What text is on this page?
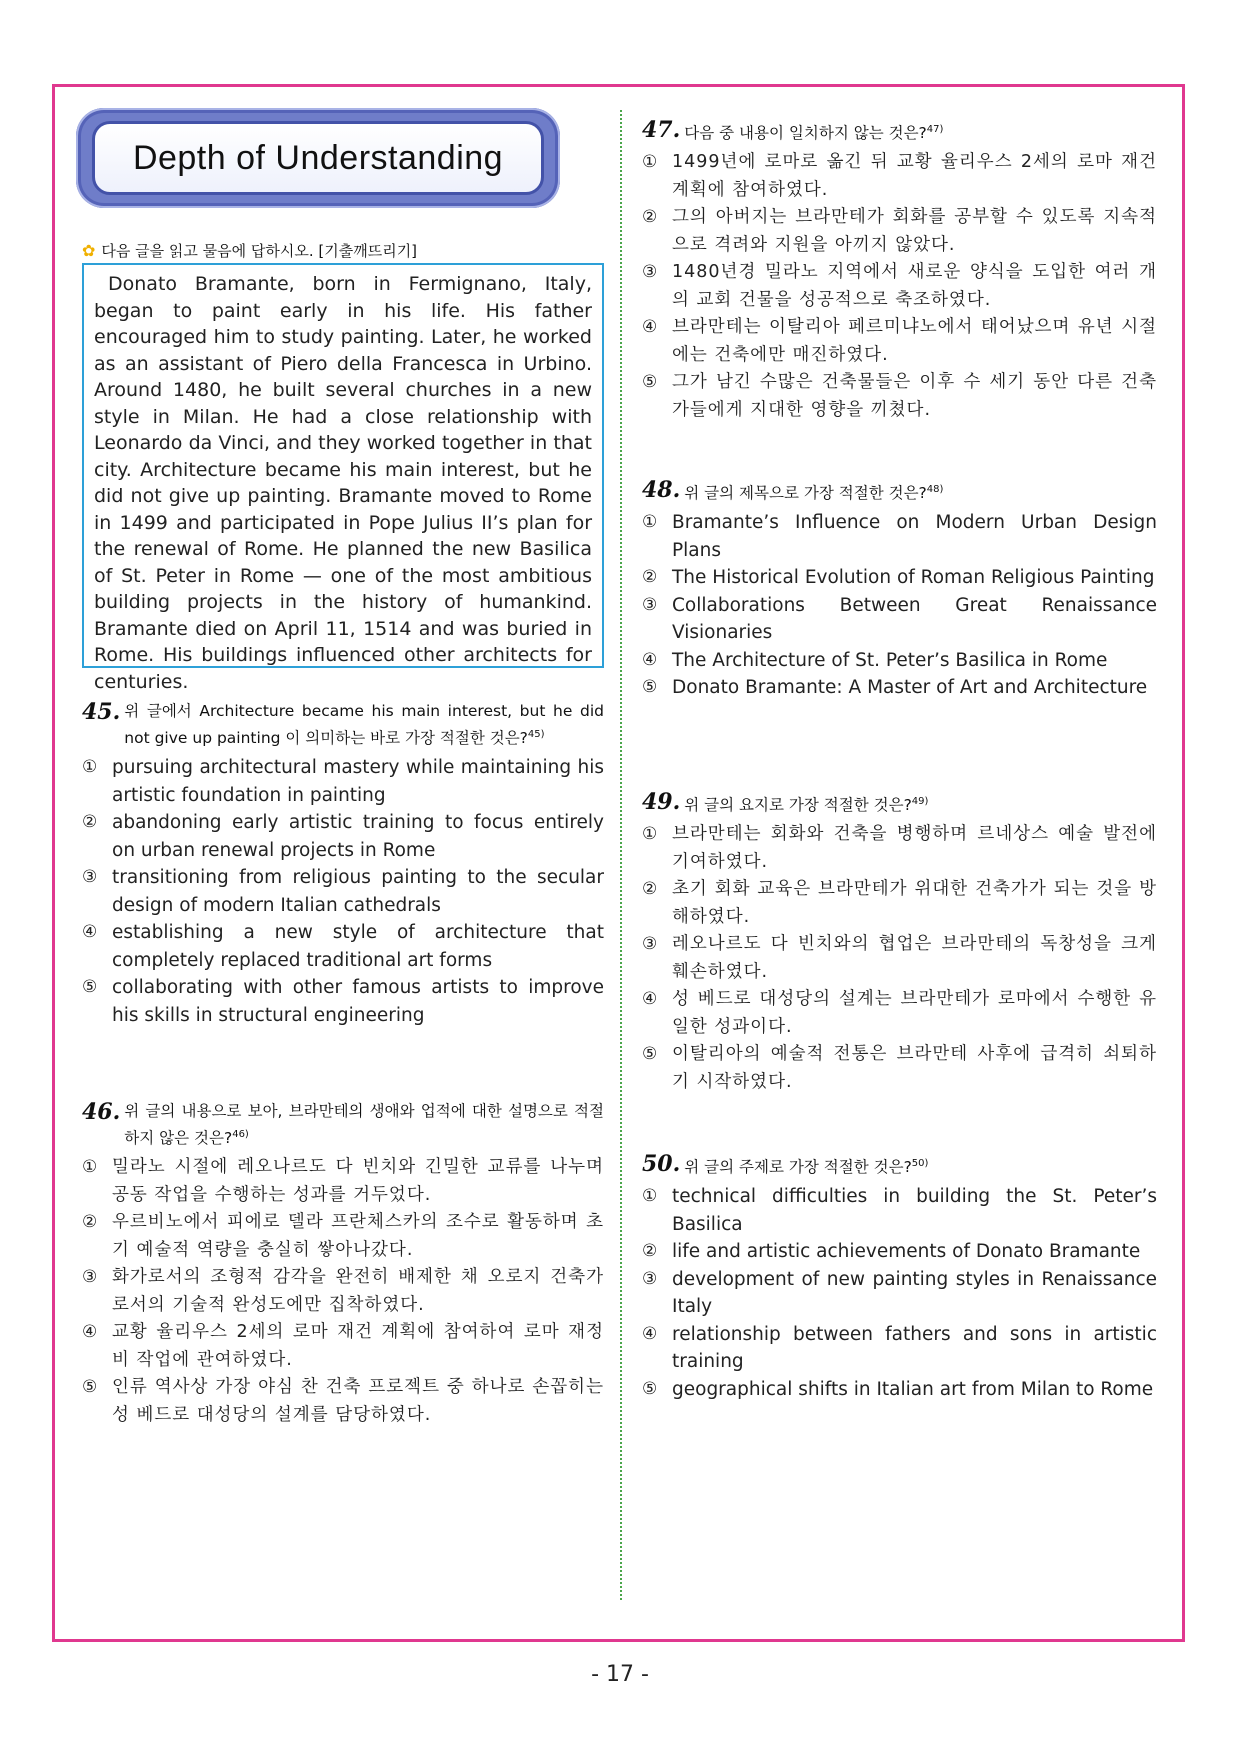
Depth of Understanding
✿ 다음 글을 읽고 물음에 답하시오. [기출깨뜨리기]
Donato Bramante, born in Fermignano, Italy, began to paint early in his life. His father encouraged him to study painting. Later, he worked as an assistant of Piero della Francesca in Urbino. Around 1480, he built several churches in a new style in Milan. He had a close relationship with Leonardo da Vinci, and they worked together in that city. Architecture became his main interest, but he did not give up painting. Bramante moved to Rome in 1499 and participated in Pope Julius II’s plan for the renewal of Rome. He planned the new Basilica of St. Peter in Rome — one of the most ambitious building projects in the history of humankind. Bramante died on April 11, 1514 and was buried in Rome. His buildings influenced other architects for centuries.
45. 위 글에서 Architecture became his main interest, but he did not give up painting 이 의미하는 바로 가장 적절한 것은?$^{45)}$
① pursuing architectural mastery while maintaining his artistic foundation in painting
② abandoning early artistic training to focus entirely on urban renewal projects in Rome
③ transitioning from religious painting to the secular design of modern Italian cathedrals
④ establishing a new style of architecture that completely replaced traditional art forms
⑤ collaborating with other famous artists to improve his skills in structural engineering
46. 위 글의 내용으로 보아, 브라만테의 생애와 업적에 대한 설명으로 적절하지 않은 것은?$^{46)}$
① 밀라노 시절에 레오나르도 다 빈치와 긴밀한 교류를 나누며 공동 작업을 수행하는 성과를 거두었다.
② 우르비노에서 피에로 델라 프란체스카의 조수로 활동하며 초기 예술적 역량을 충실히 쌓아나갔다.
③ 화가로서의 조형적 감각을 완전히 배제한 채 오로지 건축가로서의 기술적 완성도에만 집착하였다.
④ 교황 율리우스 2세의 로마 재건 계획에 참여하여 로마 재정비 작업에 관여하였다.
⑤ 인류 역사상 가장 야심 찬 건축 프로젝트 중 하나로 손꼽히는 성 베드로 대성당의 설계를 담당하였다.
47. 다음 중 내용이 일치하지 않는 것은?$^{47)}$
① 1499년에 로마로 옮긴 뒤 교황 율리우스 2세의 로마 재건 계획에 참여하였다.
② 그의 아버지는 브라만테가 회화를 공부할 수 있도록 지속적으로 격려와 지원을 아끼지 않았다.
③ 1480년경 밀라노 지역에서 새로운 양식을 도입한 여러 개의 교회 건물을 성공적으로 축조하였다.
④ 브라만테는 이탈리아 페르미냐노에서 태어났으며 유년 시절에는 건축에만 매진하였다.
⑤ 그가 남긴 수많은 건축물들은 이후 수 세기 동안 다른 건축가들에게 지대한 영향을 끼쳤다.
48. 위 글의 제목으로 가장 적절한 것은?$^{48)}$
① Bramante’s Influence on Modern Urban Design Plans
② The Historical Evolution of Roman Religious Painting
③ Collaborations Between Great Renaissance Visionaries
④ The Architecture of St. Peter’s Basilica in Rome
⑤ Donato Bramante: A Master of Art and Architecture
49. 위 글의 요지로 가장 적절한 것은?$^{49)}$
① 브라만테는 회화와 건축을 병행하며 르네상스 예술 발전에 기여하였다.
② 초기 회화 교육은 브라만테가 위대한 건축가가 되는 것을 방해하였다.
③ 레오나르도 다 빈치와의 협업은 브라만테의 독창성을 크게 훼손하였다.
④ 성 베드로 대성당의 설계는 브라만테가 로마에서 수행한 유일한 성과이다.
⑤ 이탈리아의 예술적 전통은 브라만테 사후에 급격히 쇠퇴하기 시작하였다.
50. 위 글의 주제로 가장 적절한 것은?$^{50)}$
① technical difficulties in building the St. Peter’s Basilica
② life and artistic achievements of Donato Bramante
③ development of new painting styles in Renaissance Italy
④ relationship between fathers and sons in artistic training
⑤ geographical shifts in Italian art from Milan to Rome
- 17 -
